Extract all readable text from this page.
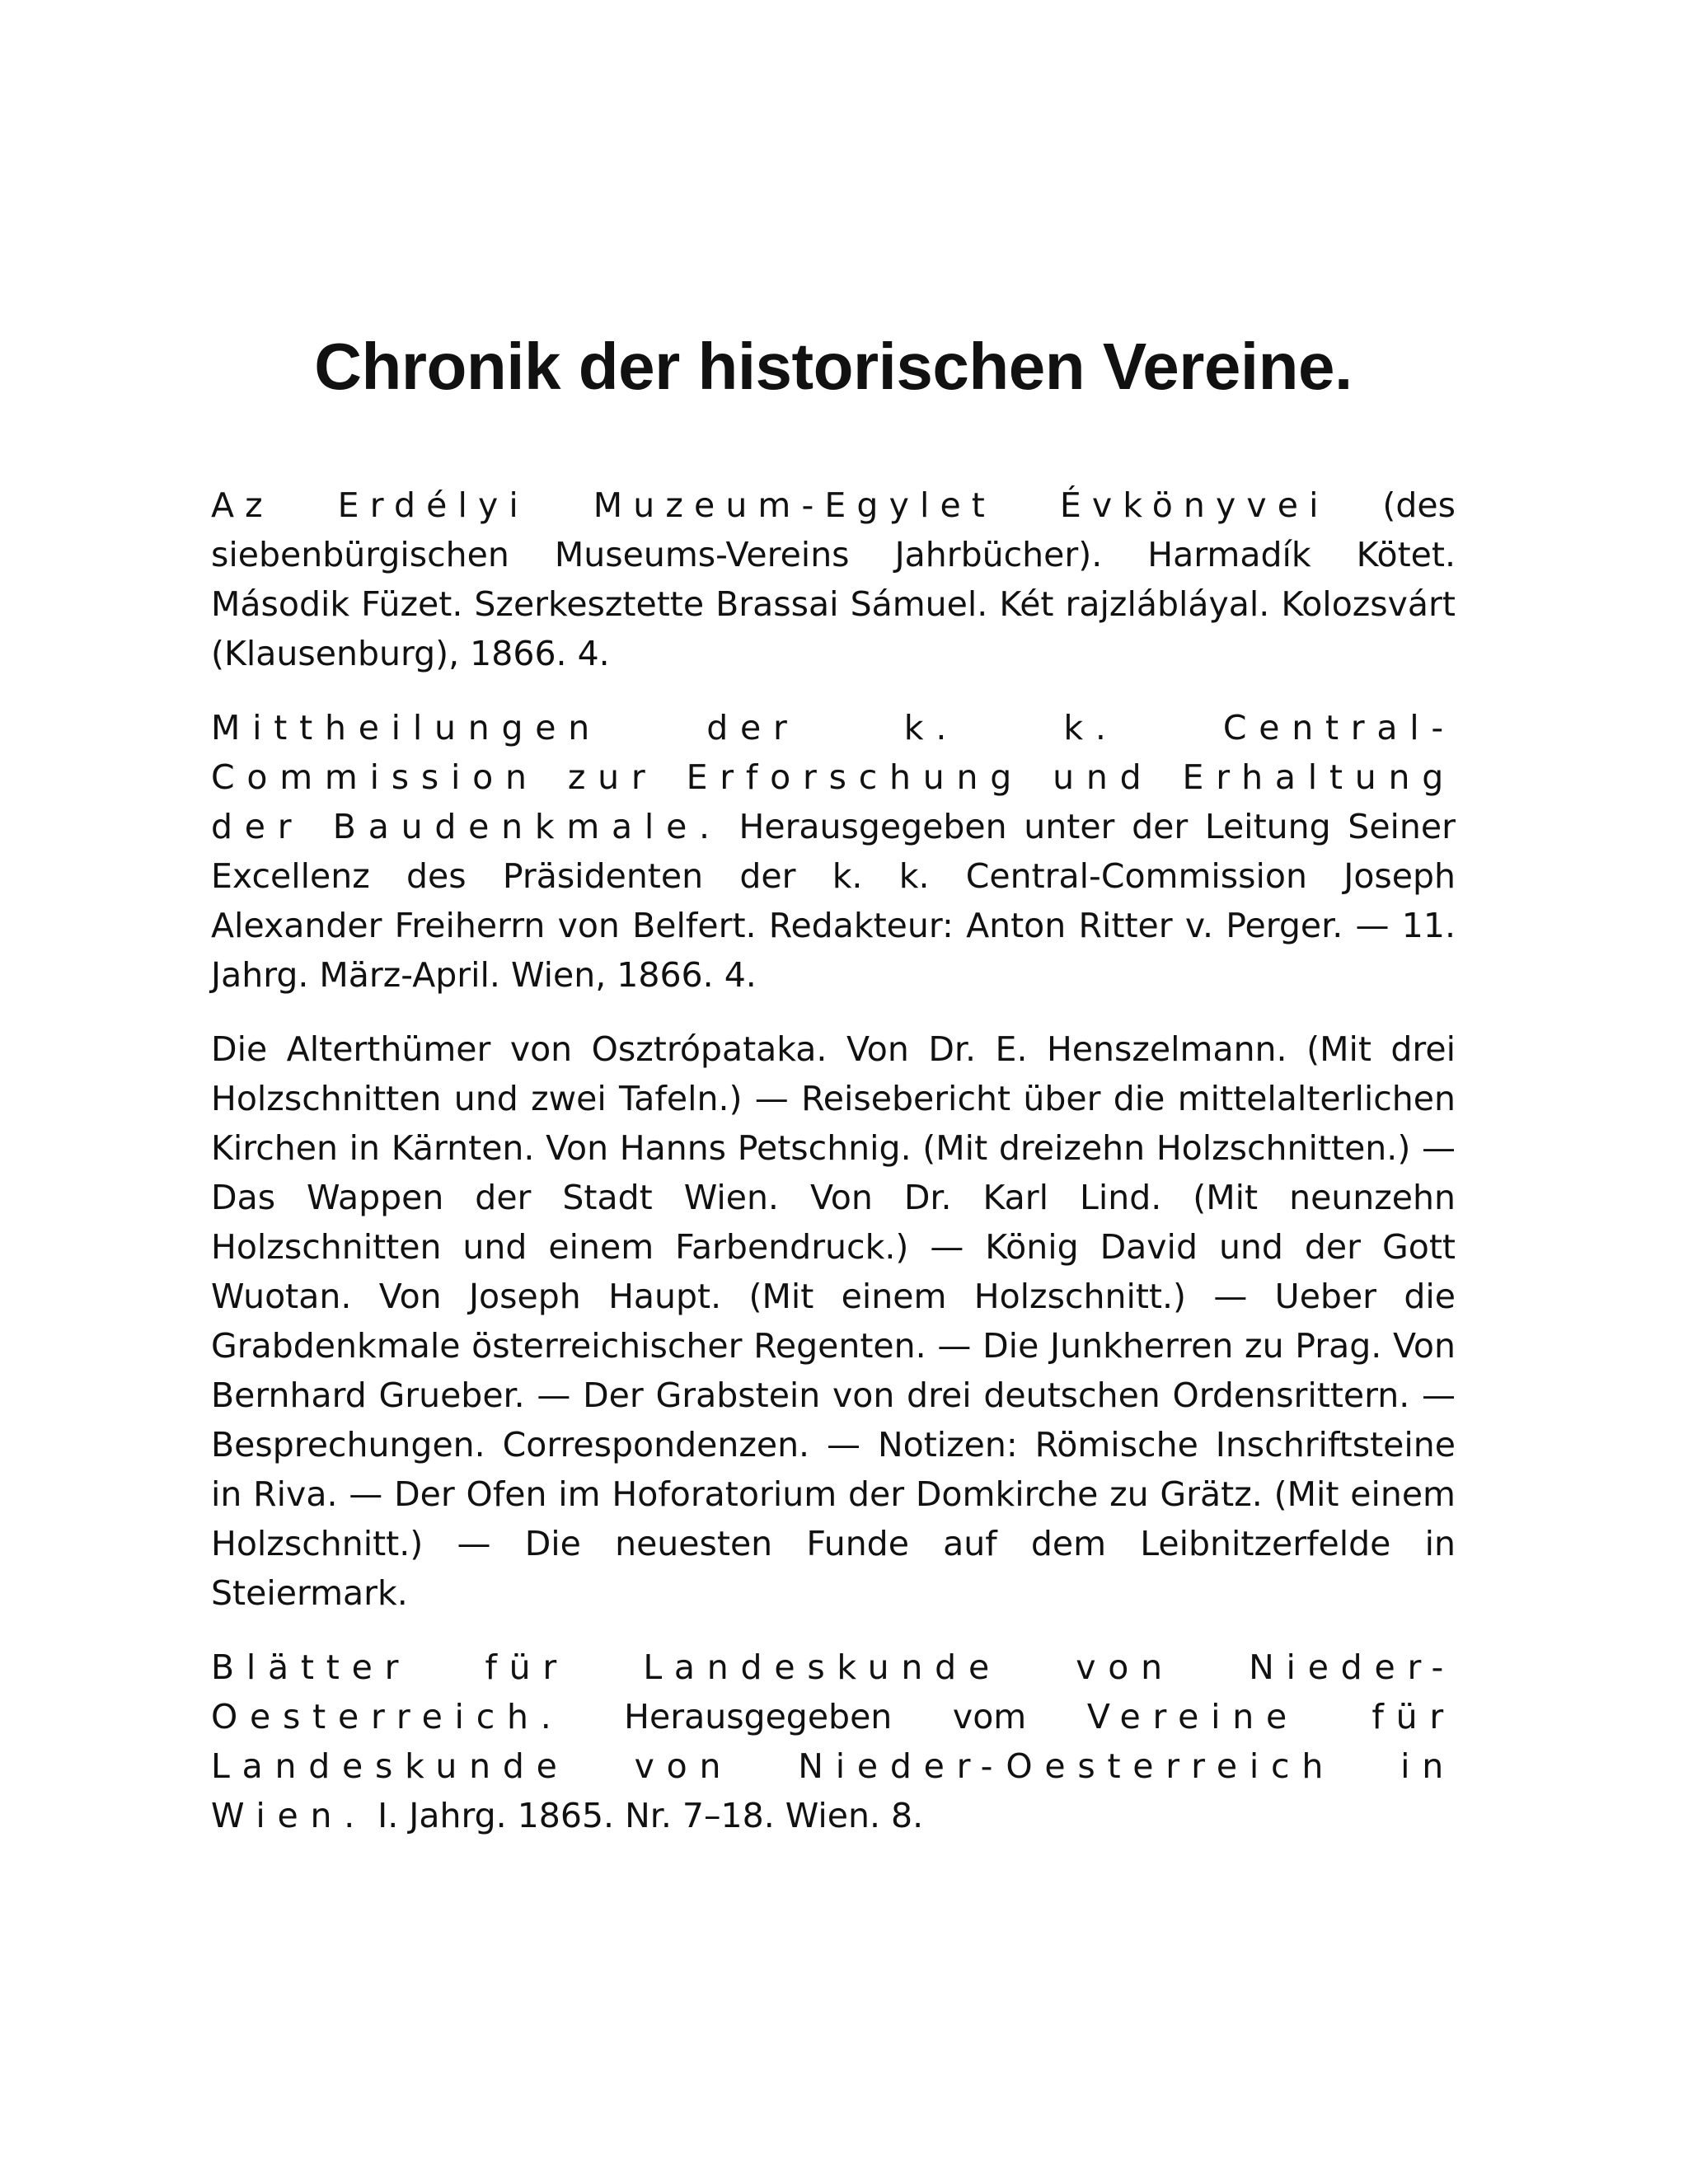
Chronik der historischen Vereine.

Az Erdélyi Muzeum-Egylet Évkönyvei (des siebenbürgischen Museums-Vereins Jahrbücher). Harmadík Kötet. Második Füzet. Szerkesztette Brassai Sámuel. Két rajzlábláyal. Kolozsvárt (Klausenburg), 1866. 4.

Mittheilungen der k. k. Central-Commission zur Erforschung und Erhaltung der Baudenkmale. Herausgegeben unter der Leitung Seiner Excellenz des Präsidenten der k. k. Central-Commission Joseph Alexander Freiherrn von Belfert. Redakteur: Anton Ritter v. Perger. — 11. Jahrg. März-April. Wien, 1866. 4.

Die Alterthümer von Osztrópataka. Von Dr. E. Henszelmann. (Mit drei Holzschnitten und zwei Tafeln.) — Reisebericht über die mittelalterlichen Kirchen in Kärnten. Von Hanns Petschnig. (Mit dreizehn Holzschnitten.) — Das Wappen der Stadt Wien. Von Dr. Karl Lind. (Mit neunzehn Holzschnitten und einem Farbendruck.) — König David und der Gott Wuotan. Von Joseph Haupt. (Mit einem Holzschnitt.) — Ueber die Grabdenkmale österreichischer Regenten. — Die Junkherren zu Prag. Von Bernhard Grueber. — Der Grabstein von drei deutschen Ordensrittern. — Besprechungen. Correspondenzen. — Notizen: Römische Inschriftsteine in Riva. — Der Ofen im Hoforatorium der Domkirche zu Grätz. (Mit einem Holzschnitt.) — Die neuesten Funde auf dem Leibnitzerfelde in Steiermark.

Blätter für Landeskunde von Nieder-Oesterreich. Herausgegeben vom Vereine für Landeskunde von Nieder-Oesterreich in Wien. I. Jahrg. 1865. Nr. 7–18. Wien. 8.
